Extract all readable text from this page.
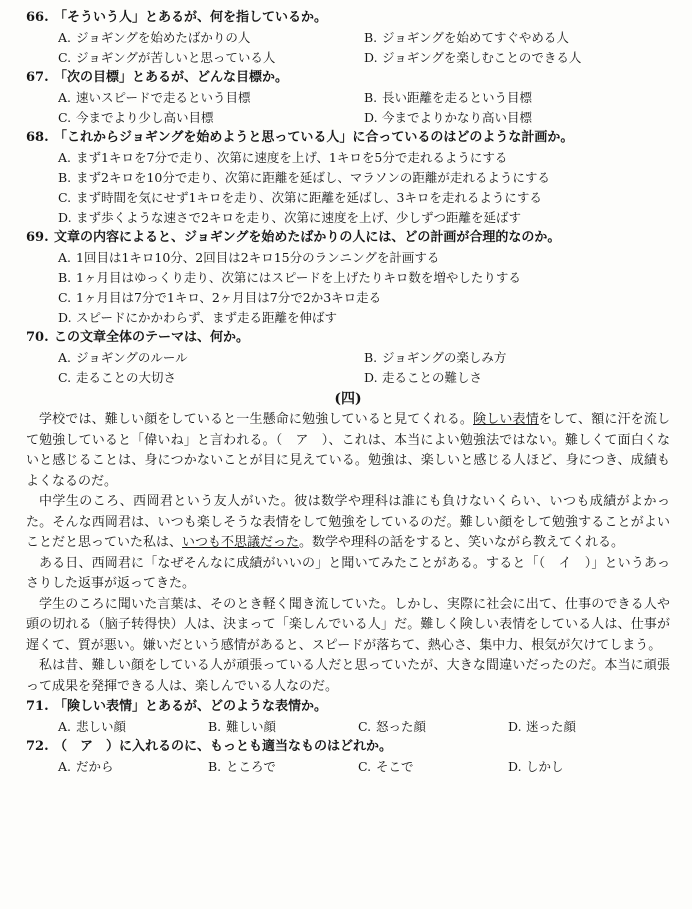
66. 「そういう人」とあるが、何を指しているか。
A. ジョギングを始めたばかりの人	B. ジョギングを始めてすぐやめる人
C. ジョギングが苦しいと思っている人	D. ジョギングを楽しむことのできる人
67. 「次の目標」とあるが、どんな目標か。
A. 速いスピードで走るという目標	B. 長い距離を走るという目標
C. 今までより少し高い目標	D. 今までよりかなり高い目標
68. 「これからジョギングを始めようと思っている人」に合っているのはどのような計画か。
A. まず1キロを7分で走り、次第に速度を上げ、1キロを5分で走れるようにする
B. まず2キロを10分で走り、次第に距離を延ばし、マラソンの距離が走れるようにする
C. まず時間を気にせず1キロを走り、次第に距離を延ばし、3キロを走れるようにする
D. まず歩くような速さで2キロを走り、次第に速度を上げ、少しずつ距離を延ばす
69. 文章の内容によると、ジョギングを始めたばかりの人には、どの計画が合理的なのか。
A. 1回目は1キロ10分、2回目は2キロ15分のランニングを計画する
B. 1ヶ月目はゆっくり走り、次第にはスピードを上げたりキロ数を増やしたりする
C. 1ヶ月目は7分で1キロ、2ヶ月目は7分で2か3キロ走る
D. スピードにかかわらず、まず走る距離を伸ばす
70. この文章全体のテーマは、何か。
A. ジョギングのルール	B. ジョギングの楽しみ方
C. 走ることの大切さ	D. 走ることの難しさ
(四)

学校では、難しい顔をしていると一生懸命に勉強していると見てくれる。険しい表情をして、額に汗を流して勉強していると「偉いね」と言われる。（　ア　）、これは、本当によい勉強法ではない。難しくて面白くないと感じることは、身につかないことが目に見えている。勉強は、楽しいと感じる人ほど、身につき、成績もよくなるのだ。

中学生のころ、西岡君という友人がいた。彼は数学や理科は誰にも負けないくらい、いつも成績がよかった。そんな西岡君は、いつも楽しそうな表情をして勉強をしているのだ。難しい顔をして勉強することがよいことだと思っていた私は、いつも不思議だった。数学や理科の話をすると、笑いながら教えてくれる。

ある日、西岡君に「なぜそんなに成績がいいの」と聞いてみたことがある。すると「（　イ　）」というあっさりした返事が返ってきた。

学生のころに聞いた言葉は、そのとき軽く聞き流していた。しかし、実際に社会に出て、仕事のできる人や頭の切れる（脑子转得快）人は、決まって「楽しんでいる人」だ。難しく険しい表情をしている人は、仕事が遅くて、質が悪い。嫌いだという感情があると、スピードが落ちて、熱心さ、集中力、根気が欠けてしまう。

私は昔、難しい顔をしている人が頑張っている人だと思っていたが、大きな間違いだったのだ。本当に頑張って成果を発揮できる人は、楽しんでいる人なのだ。

71. 「険しい表情」とあるが、どのような表情か。
A. 悲しい顔	B. 難しい顔	C. 怒った顔	D. 迷った顔
72. （　ア　）に入れるのに、もっとも適当なものはどれか。
A. だから	B. ところで	C. そこで	D. しかし
